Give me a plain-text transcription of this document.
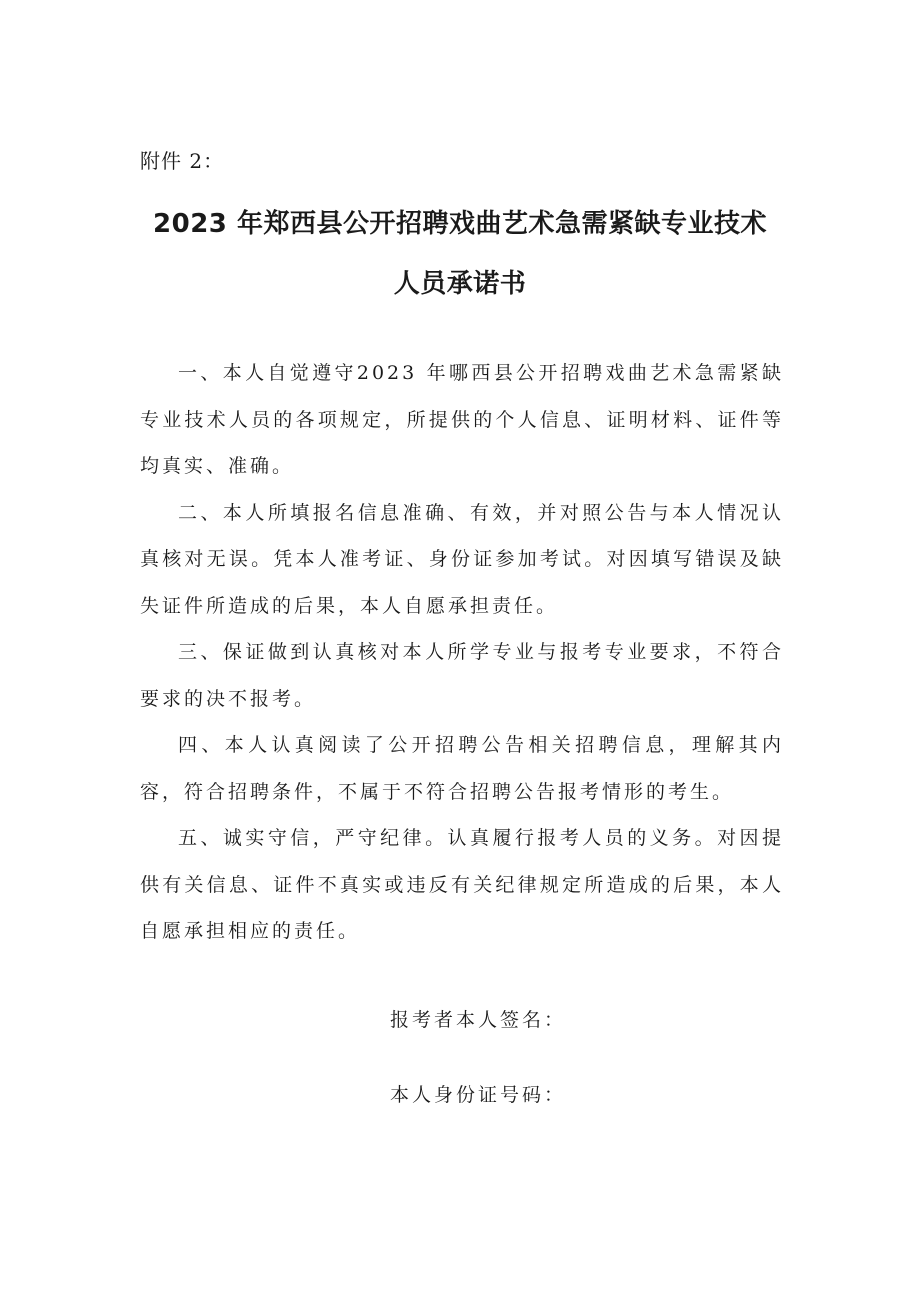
附件 2：
2023 年郑西县公开招聘戏曲艺术急需紧缺专业技术
人员承诺书

一、本人自觉遵守2023 年哪西县公开招聘戏曲艺术急需紧缺专业技术人员的各项规定，所提供的个人信息、证明材料、证件等均真实、准确。

二、本人所填报名信息准确、有效，并对照公告与本人情况认真核对无误。凭本人准考证、身份证参加考试。对因填写错误及缺失证件所造成的后果，本人自愿承担责任。

三、保证做到认真核对本人所学专业与报考专业要求，不符合要求的决不报考。

四、本人认真阅读了公开招聘公告相关招聘信息，理解其内容，符合招聘条件，不属于不符合招聘公告报考情形的考生。

五、诚实守信，严守纪律。认真履行报考人员的义务。对因提供有关信息、证件不真实或违反有关纪律规定所造成的后果，本人自愿承担相应的责任。

报考者本人签名：
本人身份证号码：
